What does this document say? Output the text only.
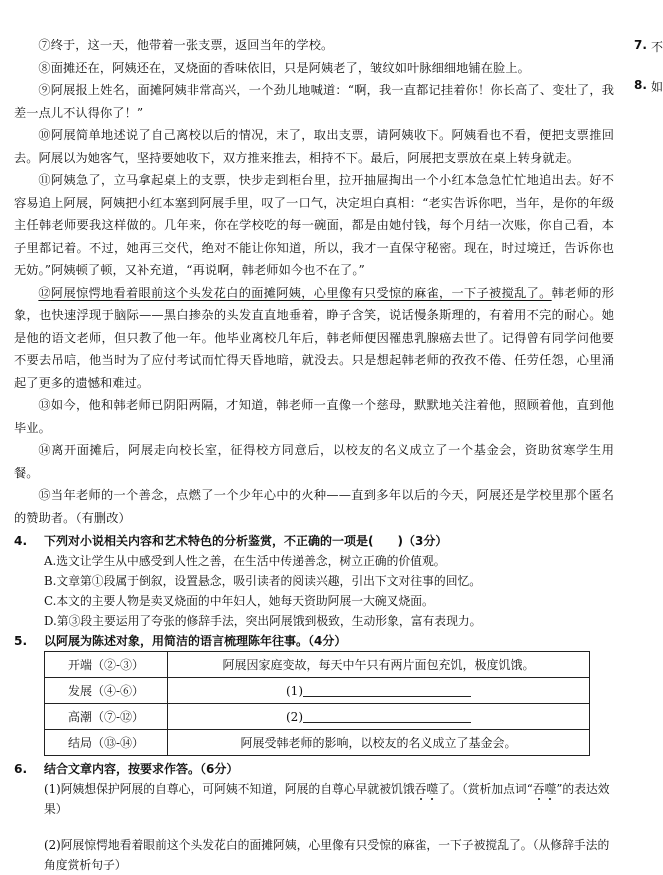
7. 不
8. 如

⑦终于，这一天，他带着一张支票，返回当年的学校。

⑧面摊还在，阿姨还在，叉烧面的香味依旧，只是阿姨老了，皱纹如叶脉细细地铺在脸上。

⑨阿展报上姓名，面摊阿姨非常高兴，一个劲儿地喊道：“啊，我一直都记挂着你！你长高了、变壮了，我差一点儿不认得你了！”

⑩阿展简单地述说了自己离校以后的情况，末了，取出支票，请阿姨收下。阿姨看也不看，便把支票推回去。阿展以为她客气，坚持要她收下，双方推来推去，相持不下。最后，阿展把支票放在桌上转身就走。

⑪阿姨急了，立马拿起桌上的支票，快步走到柜台里，拉开抽屉掏出一个小红本急急忙忙地追出去。好不容易追上阿展，阿姨把小红本塞到阿展手里，叹了一口气，决定坦白真相：“老实告诉你吧，当年，是你的年级主任韩老师要我这样做的。几年来，你在学校吃的每一碗面，都是由她付钱，每个月结一次账，你自己看，本子里都记着。不过，她再三交代，绝对不能让你知道，所以，我才一直保守秘密。现在，时过境迁，告诉你也无妨。”阿姨顿了顿，又补充道，“再说啊，韩老师如今也不在了。”

⑫阿展惊愕地看着眼前这个头发花白的面摊阿姨，心里像有只受惊的麻雀，一下子被搅乱了。韩老师的形象，也快速浮现于脑际——黑白掺杂的头发直直地垂着，睁子含笑，说话慢条斯理的，有着用不完的耐心。她是他的语文老师，但只教了他一年。他毕业离校几年后，韩老师便因罹患乳腺癌去世了。记得曾有同学问他要不要去吊唁，他当时为了应付考试而忙得天昏地暗，就没去。只是想起韩老师的孜孜不倦、任劳任怨，心里涌起了更多的遗憾和难过。

⑬如今，他和韩老师已阴阳两隔，才知道，韩老师一直像一个慈母，默默地关注着他，照顾着他，直到他毕业。

⑭离开面摊后，阿展走向校长室，征得校方同意后，以校友的名义成立了一个基金会，资助贫寒学生用餐。

⑮当年老师的一个善念，点燃了一个少年心中的火种——直到多年以后的今天，阿展还是学校里那个匿名的赞助者。（有删改）

4.	下列对小说相关内容和艺术特色的分析鉴赏，不正确的一项是(　　)（3分）

A.选文让学生从中感受到人性之善，在生活中传递善念，树立正确的价值观。

B.文章第①段属于倒叙，设置悬念，吸引读者的阅读兴趣，引出下文对往事的回忆。

C.本文的主要人物是卖叉烧面的中年妇人，她每天资助阿展一大碗叉烧面。

D.第③段主要运用了夸张的修辞手法，突出阿展饿到极致，生动形象，富有表现力。

5.	以阿展为陈述对象，用简洁的语言梳理陈年往事。（4分）
开端（②-③）	阿展因家庭变故，每天中午只有两片面包充饥，极度饥饿。
发展（④-⑥）	(1)
高潮（⑦-⑫）	(2)
结局（⑬-⑭）	阿展受韩老师的影响，以校友的名义成立了基金会。
6.	结合文章内容，按要求作答。（6分）

(1)阿姨想保护阿展的自尊心，可阿姨不知道，阿展的自尊心早就被饥饿吞噬了。（赏析加点词“吞噬”的表达效果）

(2)阿展惊愕地看着眼前这个头发花白的面摊阿姨，心里像有只受惊的麻雀，一下子被搅乱了。（从修辞手法的角度赏析句子）
